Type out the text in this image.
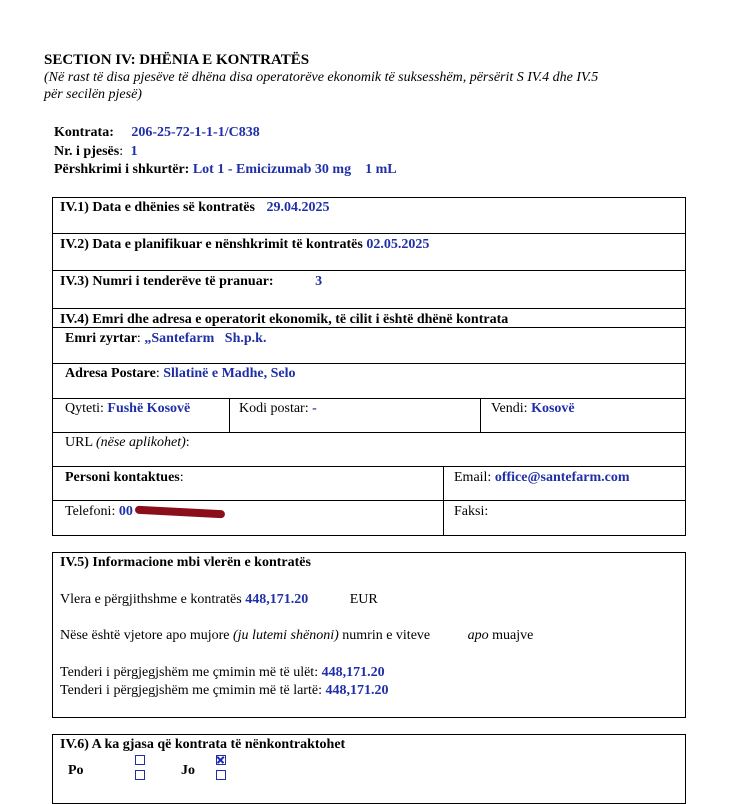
SECTION IV: DHËNIA E KONTRATËS
(Në rast të disa pjesëve të dhëna disa operatorëve ekonomik të suksesshëm, përsërit S IV.4 dhe IV.5
për secilën pjesë)
Kontrata: 206-25-72-1-1-1/C838
Nr. i pjesës: 1
Përshkrimi i shkurtër: Lot 1 - Emicizumab 30 mg    1 mL
IV.1) Data e dhënies së kontratës 29.04.2025
IV.2) Data e planifikuar e nënshkrimit të kontratës 02.05.2025
IV.3) Numri i tenderëve të pranuar:	3
IV.4) Emri dhe adresa e operatorit ekonomik, të cilit i është dhënë kontrata
Emri zyrtar: „Santefarm   Sh.p.k.
Adresa Postare: Sllatinë e Madhe, Selo
Qyteti: Fushë Kosovë	Kodi postar: -	Vendi: Kosovë
URL (nëse aplikohet):
Personi kontaktues:	Email: office@santefarm.com
Telefoni: 00	Faksi:
IV.5) Informacione mbi vlerën e kontratës
Vlera e përgjithshme e kontratës 448,171.20	EUR
Nëse është vjetore apo mujore (ju lutemi shënoni) numrin e viteve	apo muajve
Tenderi i përgjegjshëm me çmimin më të ulët: 448,171.20
Tenderi i përgjegjshëm me çmimin më të lartë: 448,171.20
IV.6) A ka gjasa që kontrata të nënkontraktohet
Po	Jo
